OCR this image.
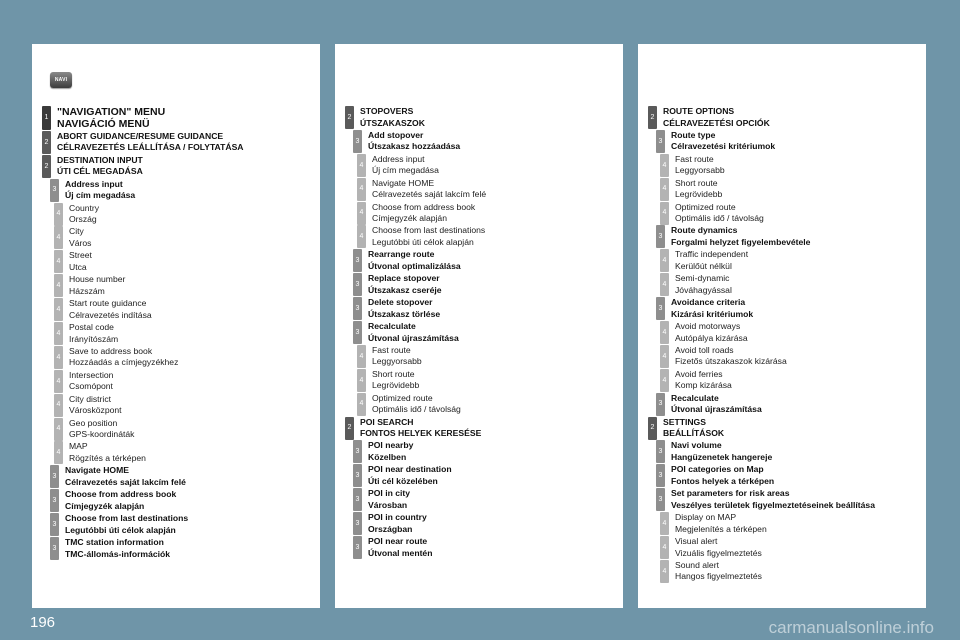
NAVI
1 "NAVIGATION" MENU
NAVIGÁCIÓ MENÜ
2
ABORT GUIDANCE/RESUME GUIDANCE
CÉLRAVEZETÉS LEÁLLÍTÁSA / FOLYTATÁSA
2
DESTINATION INPUT
ÚTI CÉL MEGADÁSA
3
Address input
Új cím megadása
4
Country
Ország
4
City
Város
4
Street
Utca
4
House number
Házszám
4
Start route guidance
Célravezetés indítása
4
Postal code
Irányítószám
4
Save to address book
Hozzáadás a címjegyzékhez
4
Intersection
Csomópont
4
City district
Városközpont
4
Geo position
GPS-koordináták
4
MAP
Rögzítés a térképen
3
Navigate HOME
Célravezetés saját lakcím felé
3
Choose from address book
Címjegyzék alapján
3
Choose from last destinations
Legutóbbi úti célok alapján
3
TMC station information
TMC-állomás-információk
2
STOPOVERS
ÚTSZAKASZOK
3
Add stopover
Útszakasz hozzáadása
4
Address input
Új cím megadása
4
Navigate HOME
Célravezetés saját lakcím felé
4
Choose from address book
Címjegyzék alapján
4
Choose from last destinations
Legutóbbi úti célok alapján
3
Rearrange route
Útvonal optimalizálása
3
Replace stopover
Útszakasz cseréje
3
Delete stopover
Útszakasz törlése
3
Recalculate
Útvonal újraszámítása
4
Fast route
Leggyorsabb
4
Short route
Legrövidebb
4
Optimized route
Optimális idő / távolság
2
POI SEARCH
FONTOS HELYEK KERESÉSE
3
POI nearby
Közelben
3
POI near destination
Úti cél közelében
3
POI in city
Városban
3
POI in country
Országban
3
POI near route
Útvonal mentén
2
ROUTE OPTIONS
CÉLRAVEZETÉSI OPCIÓK
3
Route type
Célravezetési kritériumok
4
Fast route
Leggyorsabb
4
Short route
Legrövidebb
4
Optimized route
Optimális idő / távolság
3
Route dynamics
Forgalmi helyzet figyelembevétele
4
Traffic independent
Kerülőút nélkül
4
Semi-dynamic
Jóváhagyással
3
Avoidance criteria
Kizárási kritériumok
4
Avoid motorways
Autópálya kizárása
4
Avoid toll roads
Fizetős útszakaszok kizárása
4
Avoid ferries
Komp kizárása
3
Recalculate
Útvonal újraszámítása
2
SETTINGS
BEÁLLÍTÁSOK
3
Navi volume
Hangüzenetek hangereje
3
POI categories on Map
Fontos helyek a térképen
3
Set parameters for risk areas
Veszélyes területek figyelmeztetéseinek beállítása
4
Display on MAP
Megjelenítés a térképen
4
Visual alert
Vizuális figyelmeztetés
4
Sound alert
Hangos figyelmeztetés
196	carmanualsonline.info
